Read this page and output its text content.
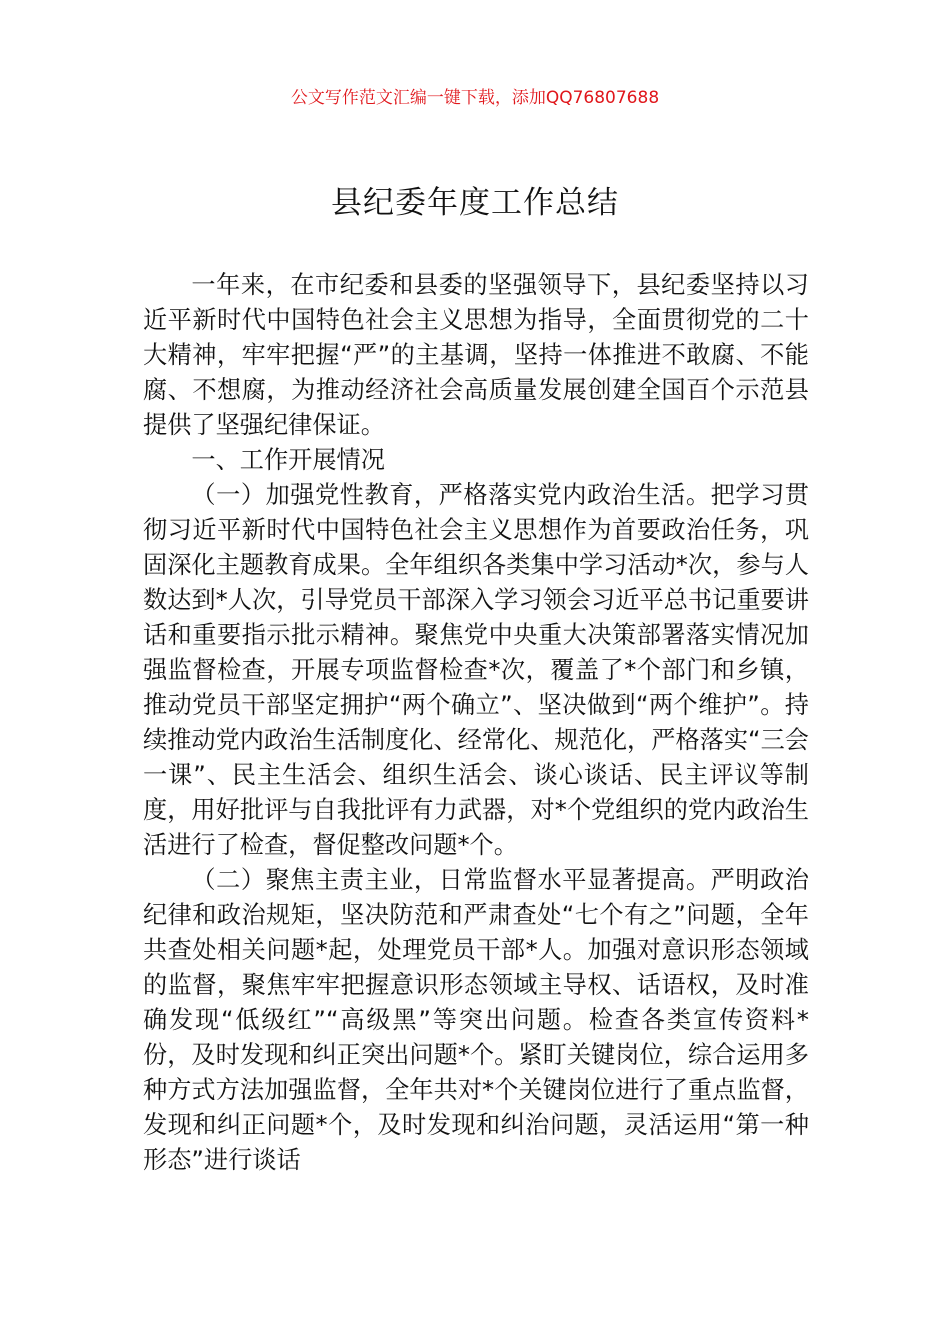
公文写作范文汇编一键下载，添加QQ76807688
县纪委年度工作总结

一年来，在市纪委和县委的坚强领导下，县纪委坚持以习近平新时代中国特色社会主义思想为指导，全面贯彻党的二十大精神，牢牢把握“严”的主基调，坚持一体推进不敢腐、不能腐、不想腐，为推动经济社会高质量发展创建全国百个示范县提供了坚强纪律保证。

一、工作开展情况

（一）加强党性教育，严格落实党内政治生活。把学习贯彻习近平新时代中国特色社会主义思想作为首要政治任务，巩固深化主题教育成果。全年组织各类集中学习活动*次，参与人数达到*人次，引导党员干部深入学习领会习近平总书记重要讲话和重要指示批示精神。聚焦党中央重大决策部署落实情况加强监督检查，开展专项监督检查*次，覆盖了*个部门和乡镇，推动党员干部坚定拥护“两个确立”、坚决做到“两个维护”。持续推动党内政治生活制度化、经常化、规范化，严格落实“三会一课”、民主生活会、组织生活会、谈心谈话、民主评议等制度，用好批评与自我批评有力武器，对*个党组织的党内政治生活进行了检查，督促整改问题*个。

（二）聚焦主责主业，日常监督水平显著提高。严明政治纪律和政治规矩，坚决防范和严肃查处“七个有之”问题，全年共查处相关问题*起，处理党员干部*人。加强对意识形态领域的监督，聚焦牢牢把握意识形态领域主导权、话语权，及时准确发现“低级红”“高级黑”等突出问题。检查各类宣传资料*份，及时发现和纠正突出问题*个。紧盯关键岗位，综合运用多种方式方法加强监督，全年共对*个关键岗位进行了重点监督，发现和纠正问题*个，及时发现和纠治问题，灵活运用“第一种形态”进行谈话
